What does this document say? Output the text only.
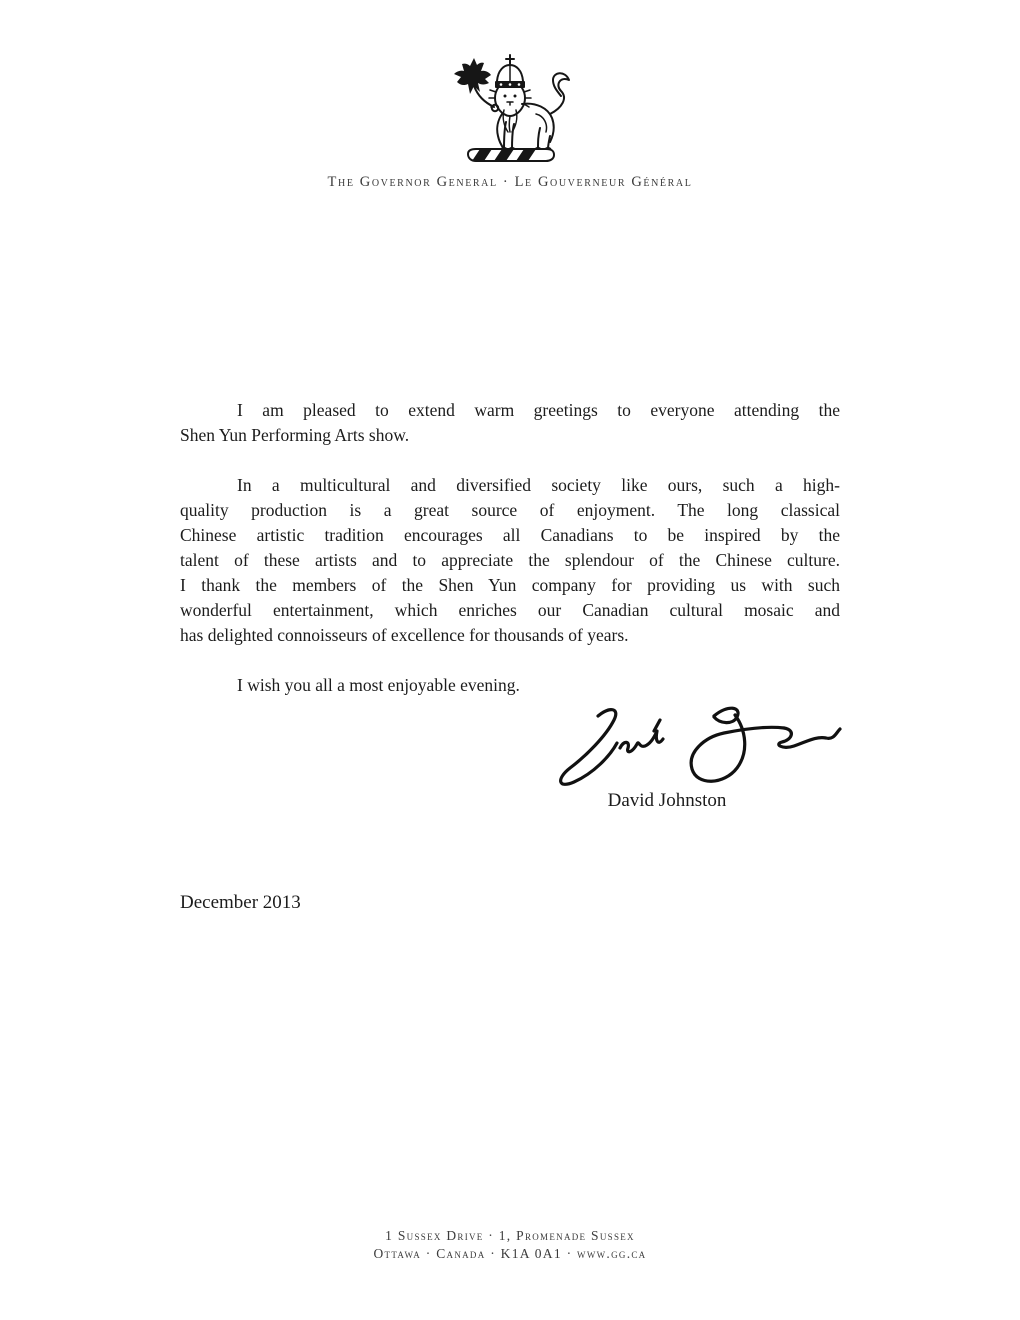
The Governor General · Le Gouverneur Général
I am pleased to extend warm greetings to everyone attending the
Shen Yun Performing Arts show.
In a multicultural and diversified society like ours, such a high-
quality production is a great source of enjoyment. The long classical
Chinese artistic tradition encourages all Canadians to be inspired by the
talent of these artists and to appreciate the splendour of the Chinese culture.
I thank the members of the Shen Yun company for providing us with such
wonderful entertainment, which enriches our Canadian cultural mosaic and
has delighted connoisseurs of excellence for thousands of years.
I wish you all a most enjoyable evening.
David Johnston
December 2013
1 Sussex Drive · 1, Promenade Sussex
Ottawa · Canada · K1A 0A1 · www.gg.ca
